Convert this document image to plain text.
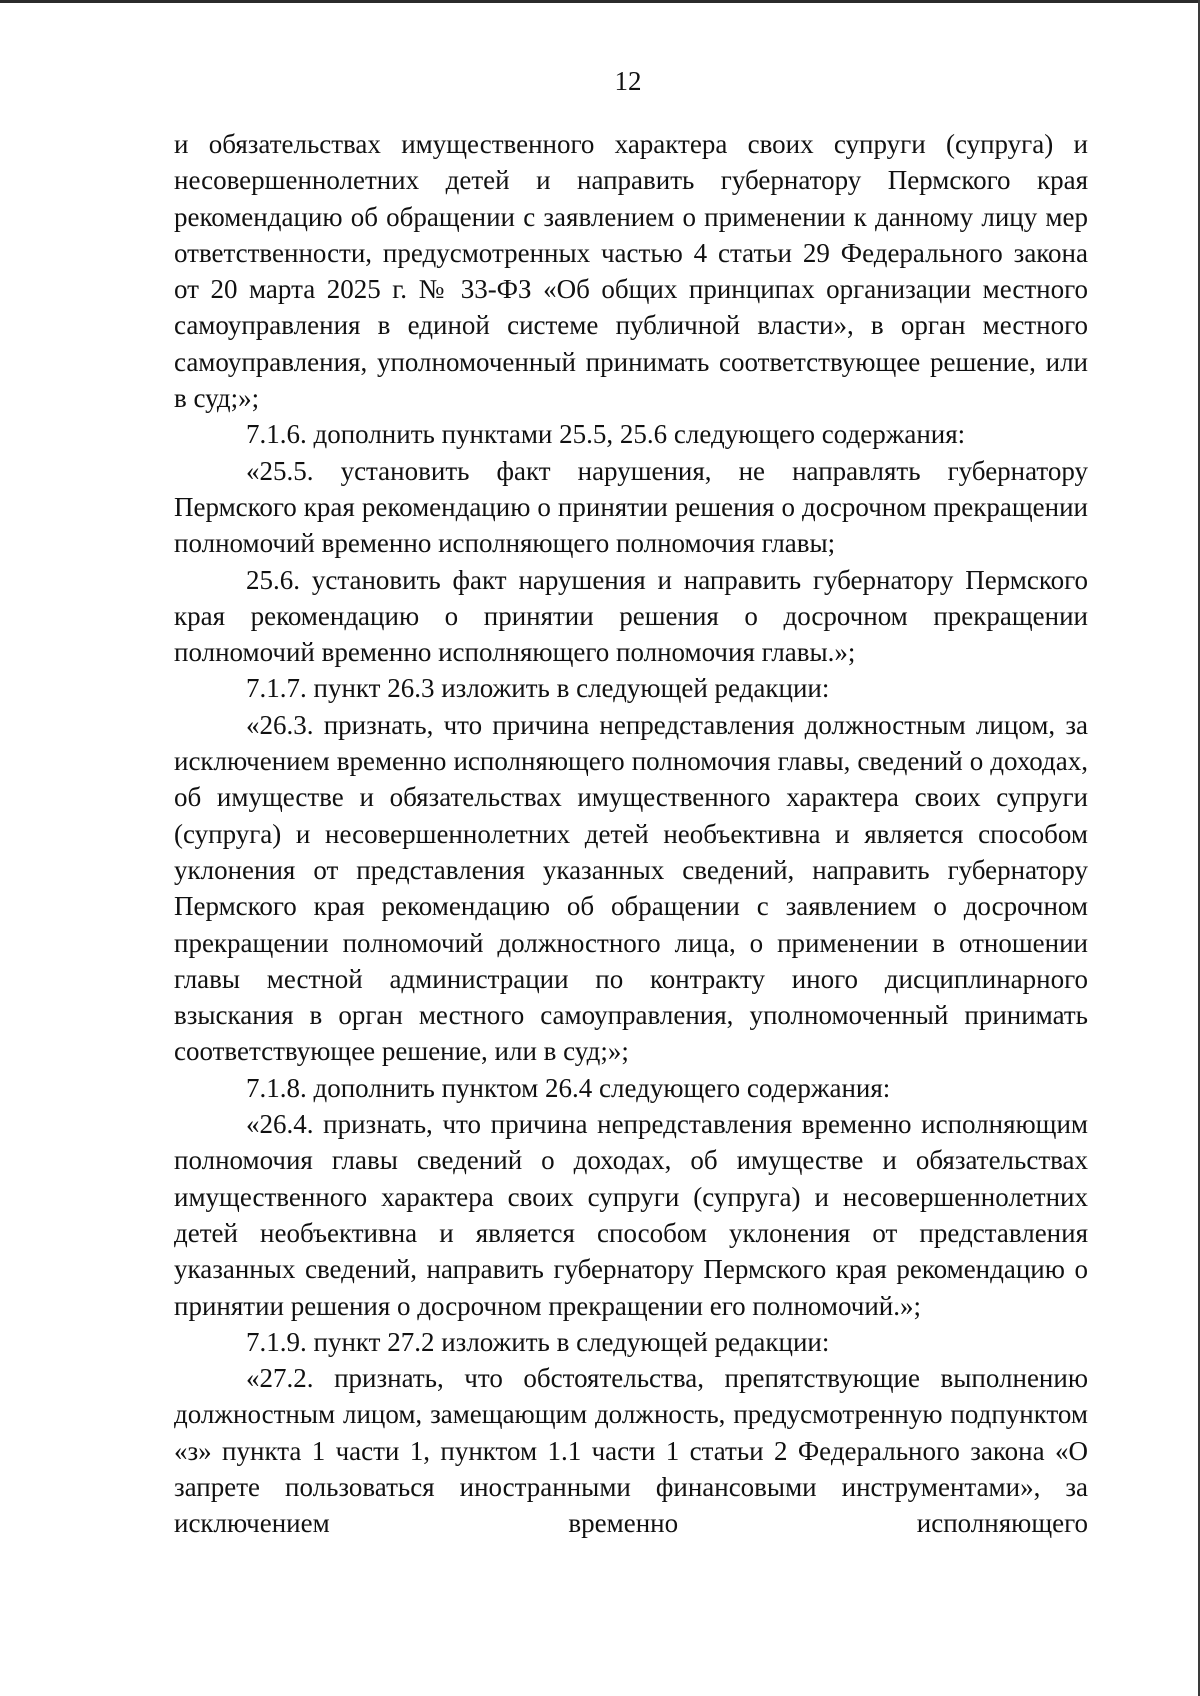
12

и обязательствах имущественного характера своих супруги (супруга) и несовершеннолетних детей и направить губернатору Пермского края рекомендацию об обращении с заявлением о применении к данному лицу мер ответственности, предусмотренных частью 4 статьи 29 Федерального закона от 20 марта 2025 г. № 33-ФЗ «Об общих принципах организации местного самоуправления в единой системе публичной власти», в орган местного самоуправления, уполномоченный принимать соответствующее решение, или в суд;»;

7.1.6. дополнить пунктами 25.5, 25.6 следующего содержания:

«25.5. установить факт нарушения, не направлять губернатору Пермского края рекомендацию о принятии решения о досрочном прекращении полномочий временно исполняющего полномочия главы;

25.6. установить факт нарушения и направить губернатору Пермского края рекомендацию о принятии решения о досрочном прекращении полномочий временно исполняющего полномочия главы.»;

7.1.7. пункт 26.3 изложить в следующей редакции:

«26.3. признать, что причина непредставления должностным лицом, за исключением временно исполняющего полномочия главы, сведений о доходах, об имуществе и обязательствах имущественного характера своих супруги (супруга) и несовершеннолетних детей необъективна и является способом уклонения от представления указанных сведений, направить губернатору Пермского края рекомендацию об обращении с заявлением о досрочном прекращении полномочий должностного лица, о применении в отношении главы местной администрации по контракту иного дисциплинарного взыскания в орган местного самоуправления, уполномоченный принимать соответствующее решение, или в суд;»;

7.1.8. дополнить пунктом 26.4 следующего содержания:

«26.4. признать, что причина непредставления временно исполняющим полномочия главы сведений о доходах, об имуществе и обязательствах имущественного характера своих супруги (супруга) и несовершеннолетних детей необъективна и является способом уклонения от представления указанных сведений, направить губернатору Пермского края рекомендацию о принятии решения о досрочном прекращении его полномочий.»;

7.1.9. пункт 27.2 изложить в следующей редакции:

«27.2. признать, что обстоятельства, препятствующие выполнению должностным лицом, замещающим должность, предусмотренную подпунктом «з» пункта 1 части 1, пунктом 1.1 части 1 статьи 2 Федерального закона «О запрете пользоваться иностранными финансовыми инструментами», за исключением временно исполняющего
